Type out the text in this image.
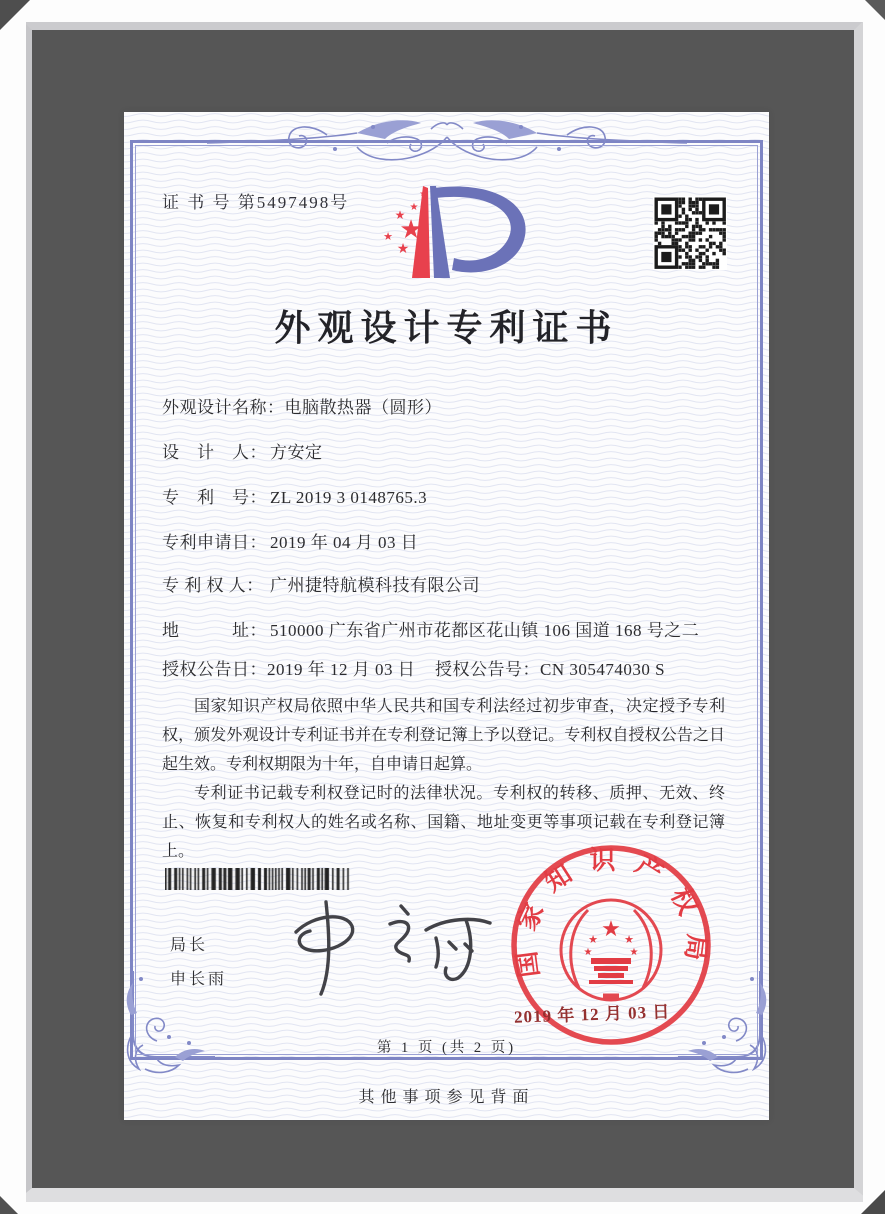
证 书 号 第5497498号
★
★
★
★
★
★
外观设计专利证书
外观设计名称：电脑散热器（圆形）
设　计　人： 方安定
专　利　号： ZL 2019 3 0148765.3
专利申请日： 2019 年 04 月 03 日
专 利 权 人： 广州捷特航模科技有限公司
地　　　址： 510000 广东省广州市花都区花山镇 106 国道 168 号之二
授权公告日：2019 年 12 月 03 日 授权公告号：CN 305474030 S

国家知识产权局依照中华人民共和国专利法经过初步审查，决定授予专利权，颁发外观设计专利证书并在专利登记簿上予以登记。专利权自授权公告之日起生效。专利权期限为十年，自申请日起算。

专利证书记载专利权登记时的法律状况。专利权的转移、质押、无效、终止、恢复和专利权人的姓名或名称、国籍、地址变更等事项记载在专利登记簿上。

局长
申长雨
国家知识产权局
★
★ ★
★	★
2019 年 12 月 03 日
第 1 页 (共 2 页)
其他事项参见背面
